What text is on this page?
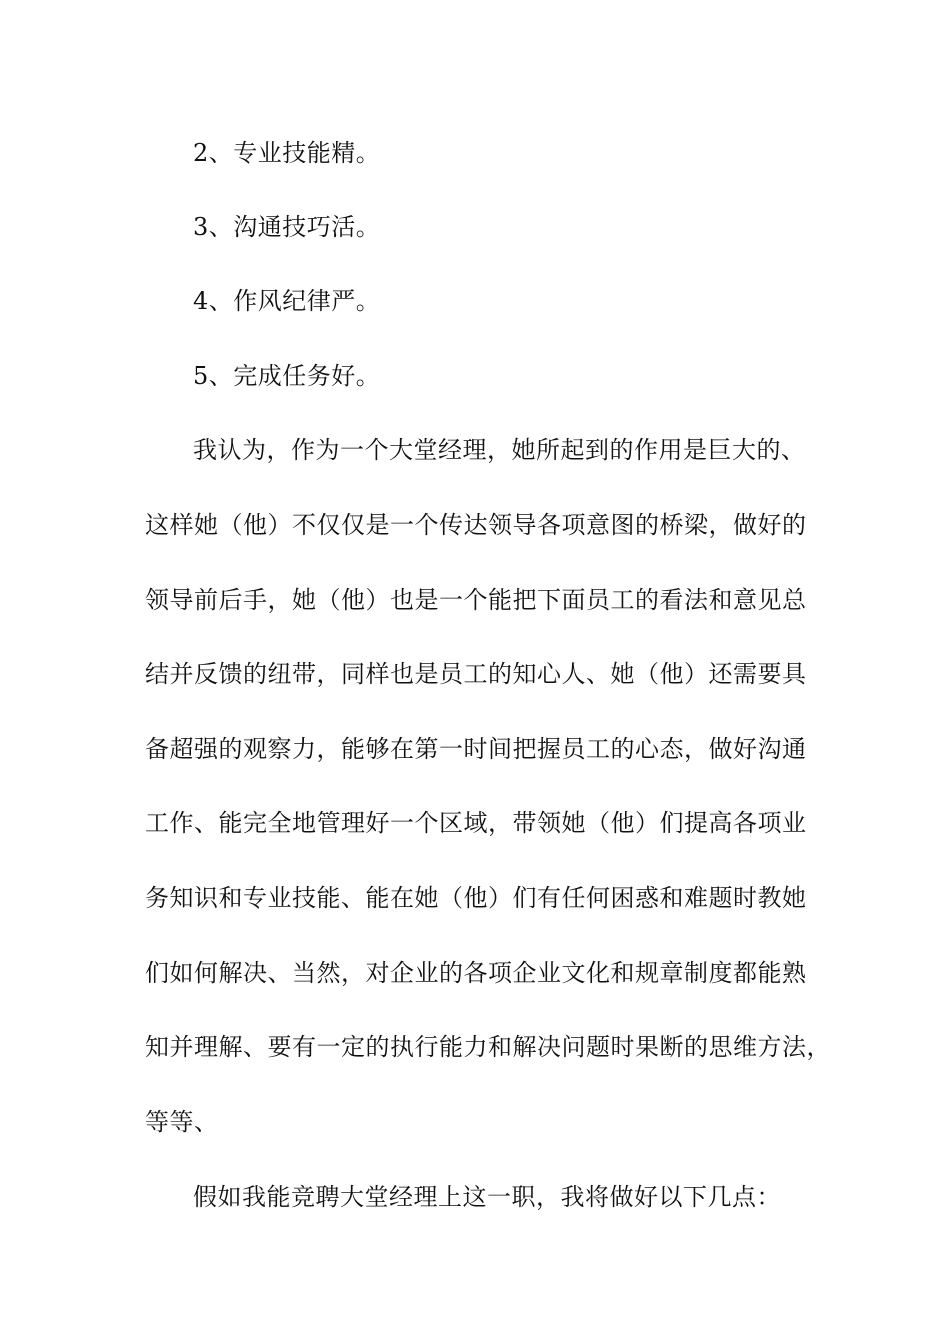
2、专业技能精。
3、沟通技巧活。
4、作风纪律严。
5、完成任务好。
我认为，作为一个大堂经理，她所起到的作用是巨大的、
这样她（他）不仅仅是一个传达领导各项意图的桥梁，做好的
领导前后手，她（他）也是一个能把下面员工的看法和意见总
结并反馈的纽带，同样也是员工的知心人、她（他）还需要具
备超强的观察力，能够在第一时间把握员工的心态，做好沟通
工作、能完全地管理好一个区域，带领她（他）们提高各项业
务知识和专业技能、能在她（他）们有任何困惑和难题时教她
们如何解决、当然，对企业的各项企业文化和规章制度都能熟
知并理解、要有一定的执行能力和解决问题时果断的思维方法，
等等、
假如我能竞聘大堂经理上这一职，我将做好以下几点：
